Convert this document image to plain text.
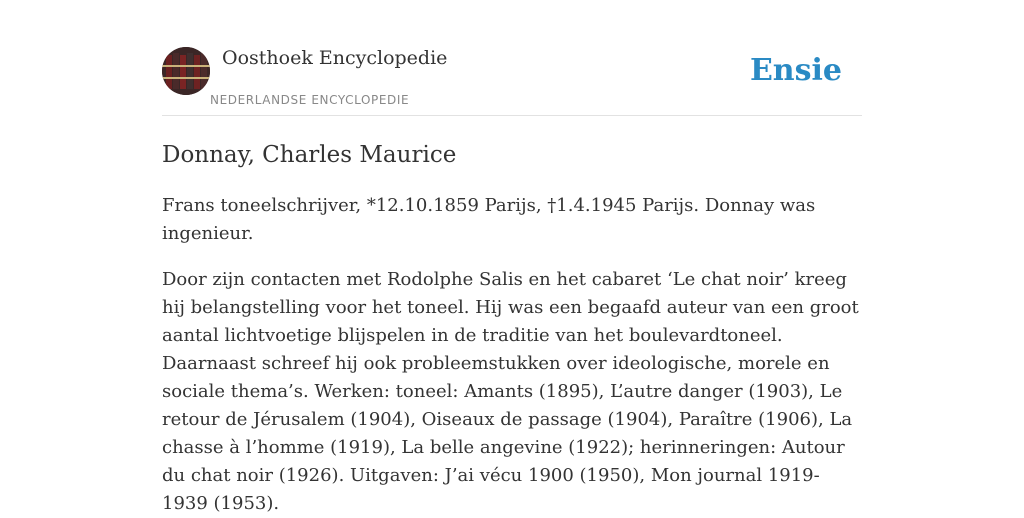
Oosthoek Encyclopedie
NEDERLANDSE ENCYCLOPEDIE
Ensie
Donnay, Charles Maurice

Frans toneelschrijver, *12.10.1859 Parijs, †1.4.1945 Parijs. Donnay was ingenieur.

Door zijn contacten met Rodolphe Salis en het cabaret ‘Le chat noir’ kreeg hij belangstelling voor het toneel. Hij was een begaafd auteur van een groot aantal lichtvoetige blijspelen in de traditie van het boulevardtoneel. Daarnaast schreef hij ook probleemstukken over ideologische, morele en sociale thema’s. Werken: toneel: Amants (1895), L’autre danger (1903), Le retour de Jérusalem (1904), Oiseaux de passage (1904), Paraître (1906), La chasse à l’homme (1919), La belle angevine (1922); herinneringen: Autour du chat noir (1926). Uitgaven: J’ai vécu 1900 (1950), Mon journal 1919-1939 (1953).
